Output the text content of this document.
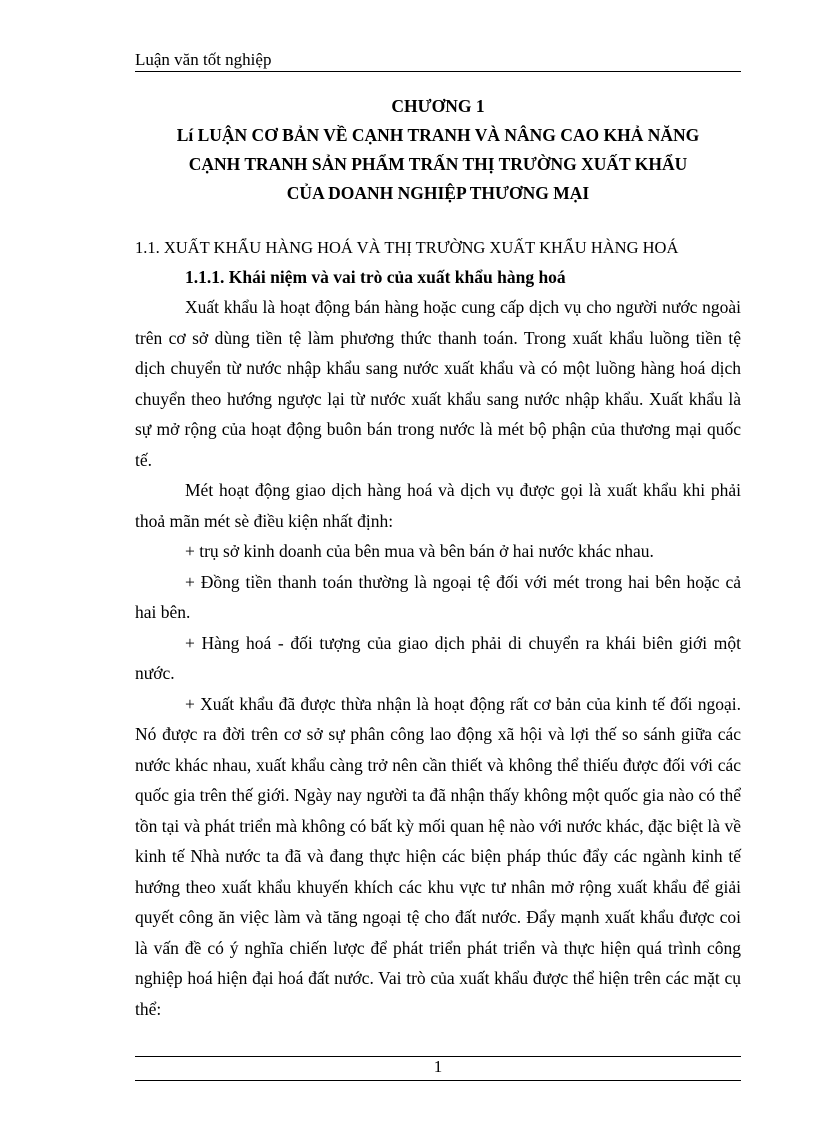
Luận văn tốt nghiệp
CHƯƠNG 1
Lí LUẬN CƠ BẢN VỀ CẠNH TRANH VÀ NÂNG CAO KHẢ NĂNG
CẠNH TRANH SẢN PHẨM TRẤN THỊ TRƯỜNG XUẤT KHẨU
CỦA DOANH NGHIỆP THƯƠNG MẠI
1.1. XUẤT KHẨU HÀNG HOÁ VÀ THỊ TRƯỜNG XUẤT KHẨU HÀNG HOÁ
1.1.1. Khái niệm và vai trò của xuất khẩu hàng hoá

Xuất khẩu là hoạt động bán hàng hoặc cung cấp dịch vụ cho người nước ngoài trên cơ sở dùng tiền tệ làm phương thức thanh toán. Trong xuất khẩu luồng tiền tệ dịch chuyển từ nước nhập khẩu sang nước xuất khẩu và có một luồng hàng hoá dịch chuyển theo hướng ngược lại từ nước xuất khẩu sang nước nhập khẩu. Xuất khẩu là sự mở rộng của hoạt động buôn bán trong nước là mét bộ phận của thương mại quốc tế.

Mét hoạt động giao dịch hàng hoá và dịch vụ được gọi là xuất khẩu khi phải thoả mãn mét sè điều kiện nhất định:

+ trụ sở kinh doanh của bên mua và bên bán ở hai nước khác nhau.

+ Đồng tiền thanh toán thường là ngoại tệ đối với mét trong hai bên hoặc cả hai bên.

+ Hàng hoá - đối tượng của giao dịch phải di chuyển ra khái biên giới một nước.

+ Xuất khẩu đã được thừa nhận là hoạt động rất cơ bản của kinh tế đối ngoại. Nó được ra đời trên cơ sở sự phân công lao động xã hội và lợi thế so sánh giữa các nước khác nhau, xuất khẩu càng trở nên cần thiết và không thể thiếu được đối với các quốc gia trên thế giới. Ngày nay người ta đã nhận thấy không một quốc gia nào có thể tồn tại và phát triển mà không có bất kỳ mối quan hệ nào với nước khác, đặc biệt là về kinh tế Nhà nước ta đã và đang thực hiện các biện pháp thúc đẩy các ngành kinh tế hướng theo xuất khẩu khuyến khích các khu vực tư nhân mở rộng xuất khẩu để giải quyết công ăn việc làm và tăng ngoại tệ cho đất nước. Đẩy mạnh xuất khẩu được coi là vấn đề có ý nghĩa chiến lược để phát triển phát triển và thực hiện quá trình công nghiệp hoá hiện đại hoá đất nước. Vai trò của xuất khẩu được thể hiện trên các mặt cụ thể:

1
